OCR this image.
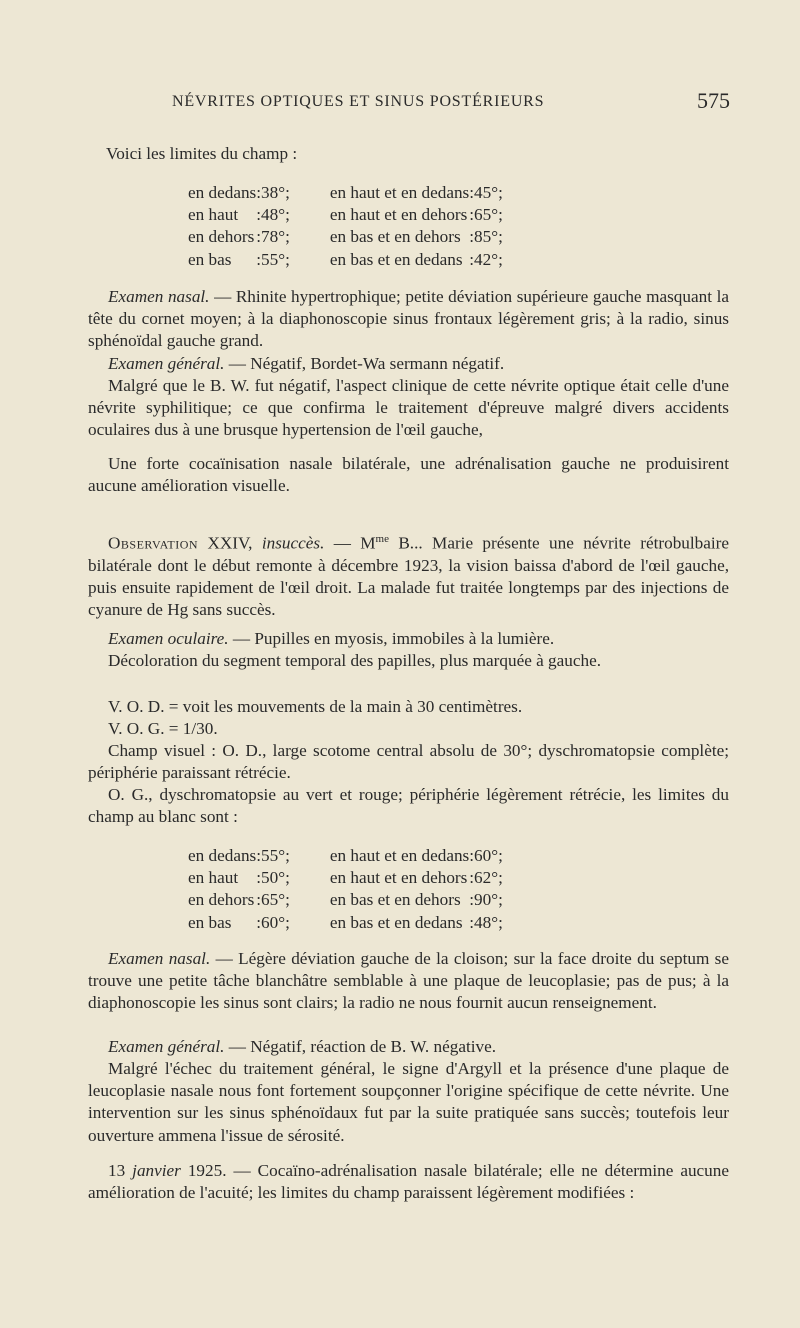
NÉVRITES OPTIQUES ET SINUS POSTÉRIEURS	575

Voici les limites du champ :

en dedans	:	38°;		en haut et en dedans	:	45°;
en haut	:	48°;		en haut et en dehors	:	65°;
en dehors	:	78°;		en bas et en dehors	:	85°;
en bas	:	55°;		en bas et en dedans	:	42°;

Examen nasal. — Rhinite hypertrophique; petite déviation supérieure gauche masquant la tête du cornet moyen; à la diaphonoscopie sinus frontaux légèrement gris; à la radio, sinus sphénoïdal gauche grand.

Examen général. — Négatif, Bordet-Wa sermann négatif.

Malgré que le B. W. fut négatif, l'aspect clinique de cette névrite optique était celle d'une névrite syphilitique; ce que confirma le traitement d'épreuve malgré divers accidents oculaires dus à une brusque hypertension de l'œil gauche,

Une forte cocaïnisation nasale bilatérale, une adrénalisation gauche ne produisirent aucune amélioration visuelle.

Observation XXIV, insuccès. — $M^{me}$ B... Marie présente une névrite rétrobulbaire bilatérale dont le début remonte à décembre 1923, la vision baissa d'abord de l'œil gauche, puis ensuite rapidement de l'œil droit. La malade fut traitée longtemps par des injections de cyanure de Hg sans succès.

Examen oculaire. — Pupilles en myosis, immobiles à la lumière.

Décoloration du segment temporal des papilles, plus marquée à gauche.

V. O. D. = voit les mouvements de la main à 30 centimètres.

V. O. G. = 1/30.

Champ visuel : O. D., large scotome central absolu de 30°; dyschromatopsie complète; périphérie paraissant rétrécie.

O. G., dyschromatopsie au vert et rouge; périphérie légèrement rétrécie, les limites du champ au blanc sont :

en dedans	:	55°;		en haut et en dedans	:	60°;
en haut	:	50°;		en haut et en dehors	:	62°;
en dehors	:	65°;		en bas et en dehors	:	90°;
en bas	:	60°;		en bas et en dedans	:	48°;

Examen nasal. — Légère déviation gauche de la cloison; sur la face droite du septum se trouve une petite tâche blanchâtre semblable à une plaque de leucoplasie; pas de pus; à la diaphonoscopie les sinus sont clairs; la radio ne nous fournit aucun renseignement.

Examen général. — Négatif, réaction de B. W. négative.

Malgré l'échec du traitement général, le signe d'Argyll et la présence d'une plaque de leucoplasie nasale nous font fortement soupçonner l'origine spécifique de cette névrite. Une intervention sur les sinus sphénoïdaux fut par la suite pratiquée sans succès; toutefois leur ouverture ammena l'issue de sérosité.

13 janvier 1925. — Cocaïno-adrénalisation nasale bilatérale; elle ne détermine aucune amélioration de l'acuité; les limites du champ paraissent légèrement modifiées :
